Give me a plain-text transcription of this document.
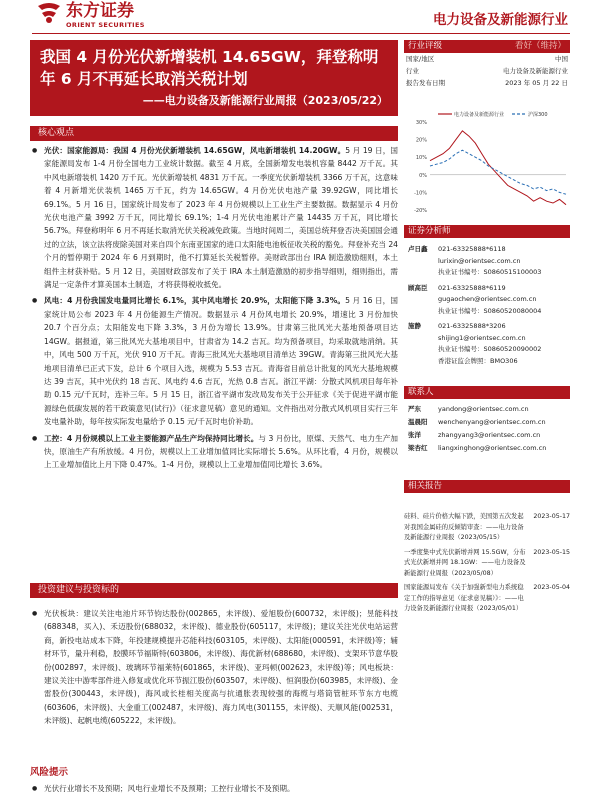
东方证券
ORIENT SECURITIES	电力设备及新能源行业
我国 4 月份光伏新增装机 14.65GW，拜登称明年 6 月不再延长取消关税计划
——电力设备及新能源行业周报（2023/05/22）
行业评级	看好（维持）
国家/地区	中国
行业	电力设备及新能源行业
报告发布日期	2023 年 05 月 22 日
电力设备及新能源行业	沪深300
30%
20%
10%
0%
-10%
-20%
证券分析师
卢日鑫 021-63325888*6118
lurixin@orientsec.com.cn
执业证书编号：S0860515100003
顾高臣 021-63325888*6119
gugaochen@orientsec.com.cn
执业证书编号：S0860520080004
施静	021-63325888*3206
shijing1@orientsec.com.cn
执业证书编号：S0860520090002
香港证监会牌照：BMO306
联系人
严东	yandong@orientsec.com.cn
温晨阳 wenchenyang@orientsec.com.cn
张洋	zhangyang3@orientsec.com.cn
梁杏红 liangxinghong@orientsec.com.cn
相关报告
硅料、硅片价格大幅下跌，美国第五次发起对我国金属硅的反倾销审查：——电力设备及新能源行业周报（2023/05/15）
2023-05-17
一季度集中式光伏新增并网 15.5GW，分布式光伏新增并网 18.1GW：——电力设备及新能源行业周报（2023/05/08）
2023-05-15
国家能源局发布《关于加强新型电力系统稳定工作的指导意见（征求意见稿）》：——电力设备及新能源行业周报（2023/05/01）
2023-05-04
核心观点
● 光伏：国家能源局：我国 4 月份光伏新增装机 14.65GW，风电新增装机 14.20GW。5 月 19 日，国家能源局发布 1-4 月份全国电力工业统计数据。截至 4 月底，全国新增发电装机容量 8442 万千瓦。其中风电新增装机 1420 万千瓦。光伏新增装机 4831 万千瓦。一季度光伏新增装机 3366 万千瓦，这意味着 4 月新增光伏装机 1465 万千瓦，约为 14.65GW。4 月份光伏电池产量 39.92GW，同比增长 69.1%。5 月 16 日，国家统计局发布了 2023 年 4 月份规模以上工业生产主要数据。数据显示 4 月份光伏电池产量 3992 万千瓦，同比增长 69.1%；1-4 月光伏电池累计产量 14435 万千瓦，同比增长 56.7%。拜登称明年 6 月不再延长取消光伏关税减免政策。当地时间周二，美国总统拜登否决美国国会通过的立法，该立法将废除美国对来自四个东南亚国家的进口太阳能电池板征收关税的豁免。拜登补充当 24 个月的暂停期于 2024 年 6 月到期时，他不打算延长关税暂停。美财政部出台 IRA 制造激励细则，本土组件主材获补贴。5 月 12 日，美国财政部发布了关于 IRA 本土制造激励的初步指导细则，细则指出，需满足一定条件才算美国本土制造，才将获得税收抵免。
● 风电：4 月份我国发电量同比增长 6.1%，其中风电增长 20.9%，太阳能下降 3.3%。5 月 16 日，国家统计局公布 2023 年 4 月份能源生产情况。数据显示 4 月份风电增长 20.9%，增速比 3 月份加快 20.7 个百分点；太阳能发电下降 3.3%，3 月份为增长 13.9%。甘肃第三批风光大基地预备项目达 14GW。据报道，第三批风光大基地项目中，甘肃省为 14.2 吉瓦。均为预备项目，均采取就地消纳。其中，风电 500 万千瓦，光伏 910 万千瓦。青海三批风光大基地项目清单达 39GW。青海第三批风光大基地项目清单已正式下发，总计 6 个项目入选，规模为 5.53 吉瓦。青海省目前总计批复的风光大基地规模达 39 吉瓦，其中光伏约 18 吉瓦、风电约 4.6 吉瓦，光热 0.8 吉瓦。浙江平湖：分散式风机项目每年补助 0.15 元/千瓦时，连补三年。5 月 15 日，浙江省平湖市发改局发布关于公开征求《关于促进平湖市能源绿色低碳发展的若干政策意见(试行)》（征求意见稿）意见的通知。文件指出对分散式风机项目实行三年发电量补助，每年按实际发电量给予 0.15 元/千瓦时电价补助。
● 工控：4 月份规模以上工业主要能源产品生产均保持同比增长。与 3 月份比，原煤、天然气、电力生产加快，原油生产有所放缓。4 月份，规模以上工业增加值同比实际增长 5.6%。从环比看，4 月份，规模以上工业增加值比上月下降 0.47%。1-4 月份，规模以上工业增加值同比增长 3.6%。
投资建议与投资标的
● 光伏板块：建议关注电池片环节钧达股份(002865，未评级)、爱旭股份(600732，未评级)；昱能科技(688348，买入)、禾迈股份(688032，未评级)、德业股份(605117，未评级)；建议关注光伏电站运营商，新投电站成本下降，年投建规模提升芯能科技(603105，未评级)、太阳能(000591，未评级)等；辅材环节，量升利稳，胶膜环节福斯特(603806，未评级)、海优新材(688680，未评级)、支架环节意华股份(002897，未评级)、玻璃环节福莱特(601865，未评级)、亚玛顿(002623，未评级)等；风电板块：建议关注中游零部件进入修复或优化环节振江股份(603507，未评级)、恒润股份(603985，未评级)、金雷股份(300443，未评级)，海风或长桂相关度高与抗通胀表现较强的海缆与塔筒管桩环节东方电缆(603606，未评级)、大金重工(002487，未评级)、海力风电(301155，未评级)、天顺风能(002531，未评级)、起帆电缆(605222，未评级)。
风险提示
● 光伏行业增长不及预期；风电行业增长不及预期；工控行业增长不及预期。
